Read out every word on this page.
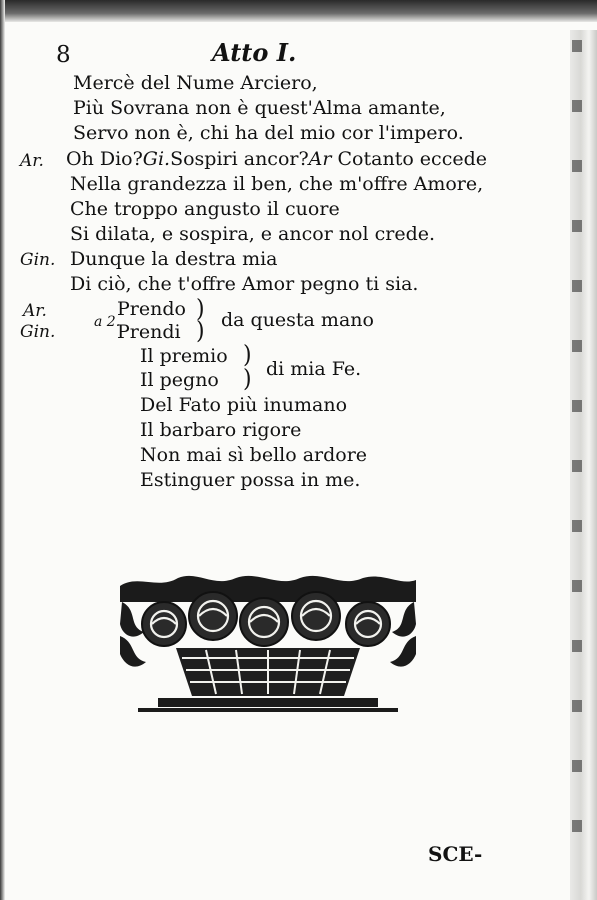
8	Atto I.
Mercè del Nume Arciero,
Più Sovrana non è quest'Alma amante,
Servo non è, chi ha del mio cor l'impero.
Ar. Oh Dio?Gi.Sospiri ancor?Ar Cotanto eccede
Nella grandezza il ben, che m'offre Amore,
Che troppo angusto il cuore
Si dilata, e sospira, e ancor nol crede.
Gin. Dunque la destra mia
Di ciò, che t'offre Amor pegno ti sia.
Ar.
Gin.	a 2.
Prendo
Prendi
)
) da questa mano
Il premio
Il pegno
)
) di mia Fe.
Del Fato più inumano
Il barbaro rigore
Non mai sì bello ardore
Estinguer possa in me.
SCE-
